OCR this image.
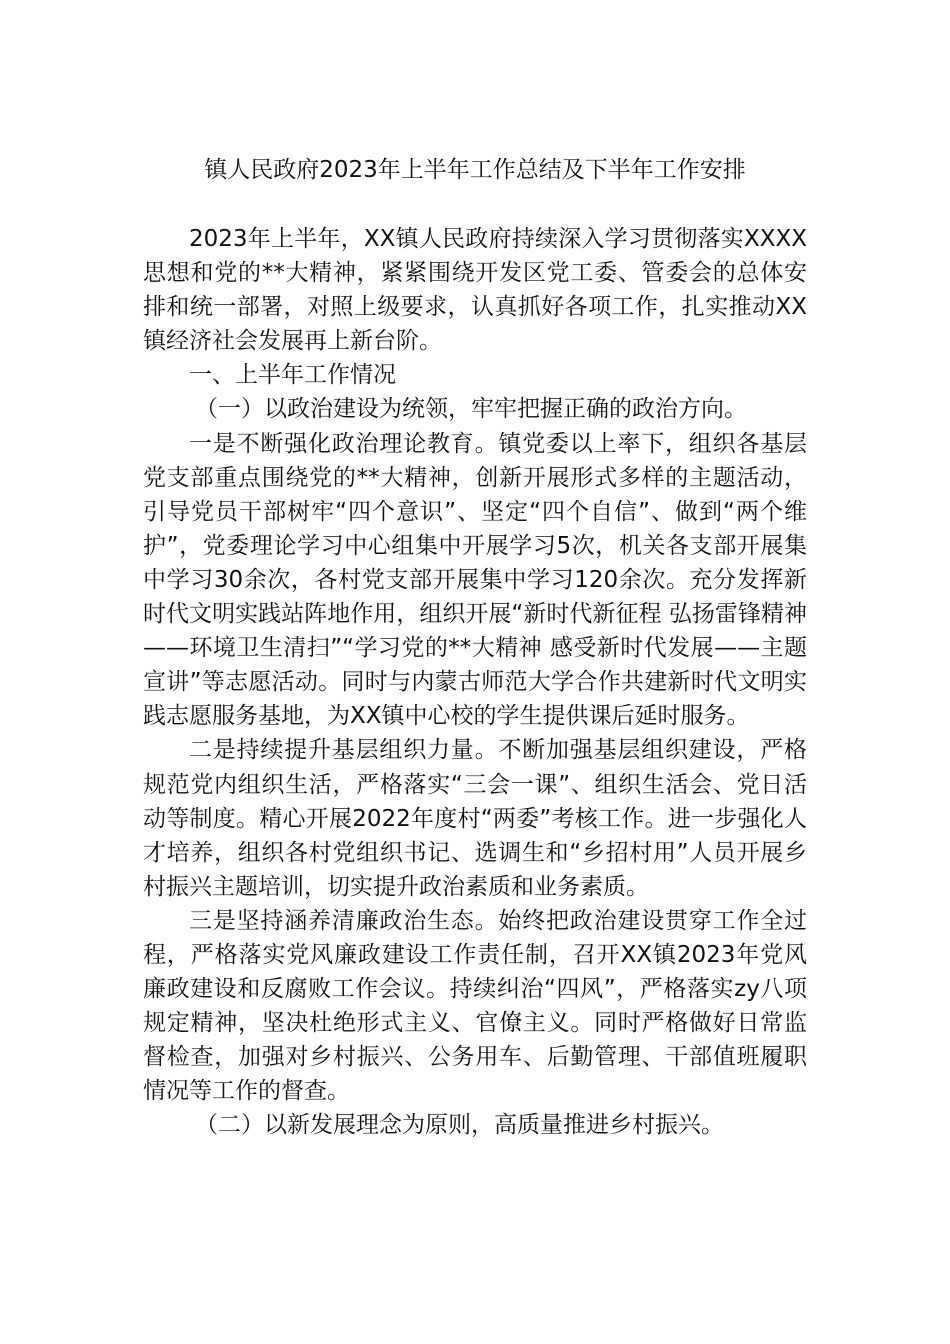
镇人民政府2023年上半年工作总结及下半年工作安排

2023年上半年，XX镇人民政府持续深入学习贯彻落实XXXX思想和党的**大精神，紧紧围绕开发区党工委、管委会的总体安排和统一部署，对照上级要求，认真抓好各项工作，扎实推动XX镇经济社会发展再上新台阶。

一、上半年工作情况

（一）以政治建设为统领，牢牢把握正确的政治方向。

一是不断强化政治理论教育。镇党委以上率下，组织各基层党支部重点围绕党的**大精神，创新开展形式多样的主题活动，引导党员干部树牢“四个意识”、坚定“四个自信”、做到“两个维护”，党委理论学习中心组集中开展学习5次，机关各支部开展集中学习30余次，各村党支部开展集中学习120余次。充分发挥新时代文明实践站阵地作用，组织开展“新时代新征程 弘扬雷锋精神——环境卫生清扫”“学习党的**大精神 感受新时代发展——主题宣讲”等志愿活动。同时与内蒙古师范大学合作共建新时代文明实践志愿服务基地，为XX镇中心校的学生提供课后延时服务。

二是持续提升基层组织力量。不断加强基层组织建设，严格规范党内组织生活，严格落实“三会一课”、组织生活会、党日活动等制度。精心开展2022年度村“两委”考核工作。进一步强化人才培养，组织各村党组织书记、选调生和“乡招村用”人员开展乡村振兴主题培训，切实提升政治素质和业务素质。

三是坚持涵养清廉政治生态。始终把政治建设贯穿工作全过程，严格落实党风廉政建设工作责任制，召开XX镇2023年党风廉政建设和反腐败工作会议。持续纠治“四风”，严格落实zy八项规定精神，坚决杜绝形式主义、官僚主义。同时严格做好日常监督检查，加强对乡村振兴、公务用车、后勤管理、干部值班履职情况等工作的督查。

（二）以新发展理念为原则，高质量推进乡村振兴。
